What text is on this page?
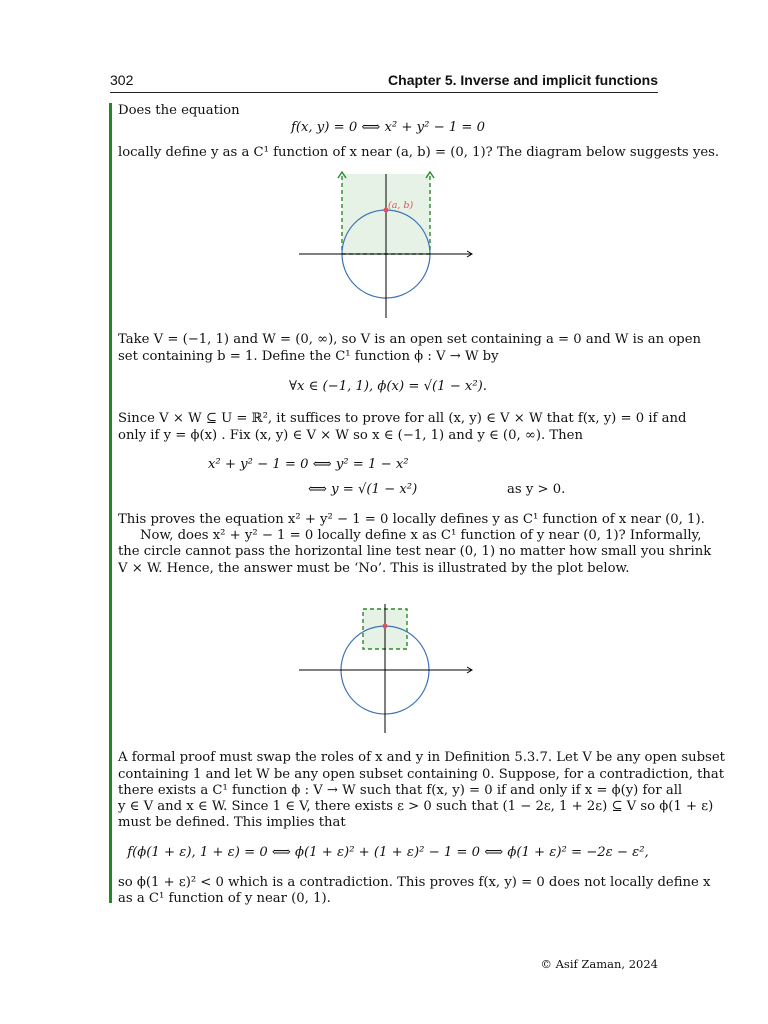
302	Chapter 5. Inverse and implicit functions
Does the equation
f(x, y) = 0 ⟺ x² + y² − 1 = 0
locally define y as a C¹ function of x near (a, b) = (0, 1)? The diagram below suggests yes.
(a, b)
Take V = (−1, 1) and W = (0, ∞), so V is an open set containing a = 0 and W is an open
set containing b = 1. Define the C¹ function ϕ : V → W by
∀x ∈ (−1, 1), ϕ(x) = √(1 − x²).
Since V × W ⊆ U = ℝ², it suffices to prove for all (x, y) ∈ V × W that f(x, y) = 0 if and
only if y = ϕ(x) . Fix (x, y) ∈ V × W so x ∈ (−1, 1) and y ∈ (0, ∞). Then
x² + y² − 1 = 0 ⟺ y² = 1 − x²
⟺ y = √(1 − x²)	as y > 0.
This proves the equation x² + y² − 1 = 0 locally defines y as C¹ function of x near (0, 1).
Now, does x² + y² − 1 = 0 locally define x as C¹ function of y near (0, 1)? Informally,
the circle cannot pass the horizontal line test near (0, 1) no matter how small you shrink
V × W. Hence, the answer must be ‘No’. This is illustrated by the plot below.
A formal proof must swap the roles of x and y in Definition 5.3.7. Let V be any open subset
containing 1 and let W be any open subset containing 0. Suppose, for a contradiction, that
there exists a C¹ function ϕ : V → W such that f(x, y) = 0 if and only if x = ϕ(y) for all
y ∈ V and x ∈ W. Since 1 ∈ V, there exists ε > 0 such that (1 − 2ε, 1 + 2ε) ⊆ V so ϕ(1 + ε)
must be defined. This implies that
f(ϕ(1 + ε), 1 + ε) = 0 ⟺ ϕ(1 + ε)² + (1 + ε)² − 1 = 0 ⟺ ϕ(1 + ε)² = −2ε − ε²,
so ϕ(1 + ε)² < 0 which is a contradiction. This proves f(x, y) = 0 does not locally define x
as a C¹ function of y near (0, 1).
© Asif Zaman, 2024
